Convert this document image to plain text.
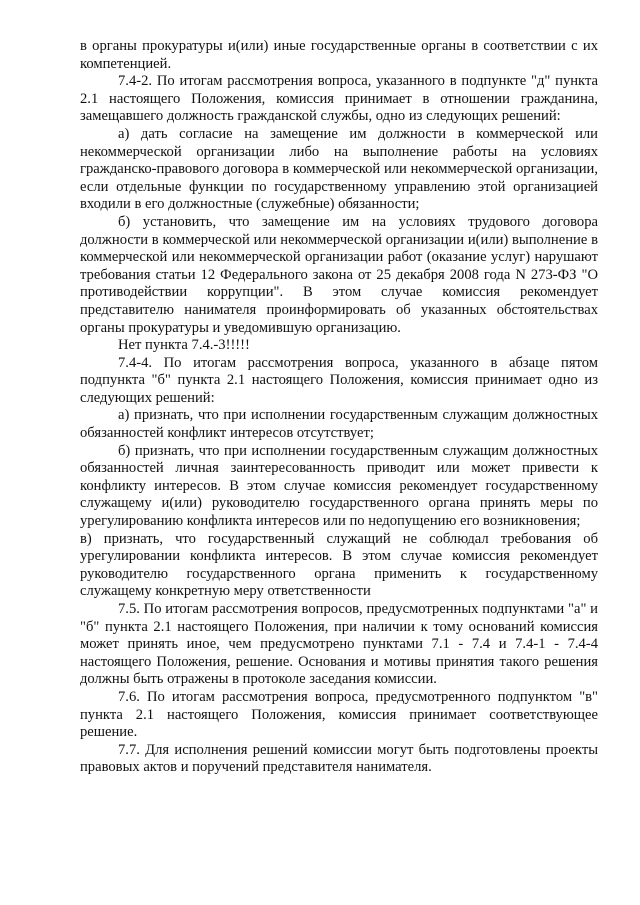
в органы прокуратуры и(или) иные государственные органы в соответствии с их компетенцией.

7.4-2. По итогам рассмотрения вопроса, указанного в подпункте "д" пункта 2.1 настоящего Положения, комиссия принимает в отношении гражданина, замещавшего должность гражданской службы, одно из следующих решений:

а) дать согласие на замещение им должности в коммерческой или некоммерческой организации либо на выполнение работы на условиях гражданско-правового договора в коммерческой или некоммерческой организации, если отдельные функции по государственному управлению этой организацией входили в его должностные (служебные) обязанности;

б) установить, что замещение им на условиях трудового договора должности в коммерческой или некоммерческой организации и(или) выполнение в коммерческой или некоммерческой организации работ (оказание услуг) нарушают требования статьи 12 Федерального закона от 25 декабря 2008 года N 273-ФЗ "О противодействии коррупции". В этом случае комиссия рекомендует представителю нанимателя проинформировать об указанных обстоятельствах органы прокуратуры и уведомившую организацию.

Нет пункта 7.4.-3!!!!!

7.4-4. По итогам рассмотрения вопроса, указанного в абзаце пятом подпункта "б" пункта 2.1 настоящего Положения, комиссия принимает одно из следующих решений:

а) признать, что при исполнении государственным служащим должностных обязанностей конфликт интересов отсутствует;

б) признать, что при исполнении государственным служащим должностных обязанностей личная заинтересованность приводит или может привести к конфликту интересов. В этом случае комиссия рекомендует государственному служащему и(или) руководителю государственного органа принять меры по урегулированию конфликта интересов или по недопущению его возникновения;

в) признать, что государственный служащий не соблюдал требования об урегулировании конфликта интересов. В этом случае комиссия рекомендует руководителю государственного органа применить к государственному служащему конкретную меру ответственности

7.5. По итогам рассмотрения вопросов, предусмотренных подпунктами "а" и "б" пункта 2.1 настоящего Положения, при наличии к тому оснований комиссия может принять иное, чем предусмотрено пунктами 7.1 - 7.4 и 7.4-1 - 7.4-4 настоящего Положения, решение. Основания и мотивы принятия такого решения должны быть отражены в протоколе заседания комиссии.

7.6. По итогам рассмотрения вопроса, предусмотренного подпунктом "в" пункта 2.1 настоящего Положения, комиссия принимает соответствующее решение.

7.7. Для исполнения решений комиссии могут быть подготовлены проекты правовых актов и поручений представителя нанимателя.
